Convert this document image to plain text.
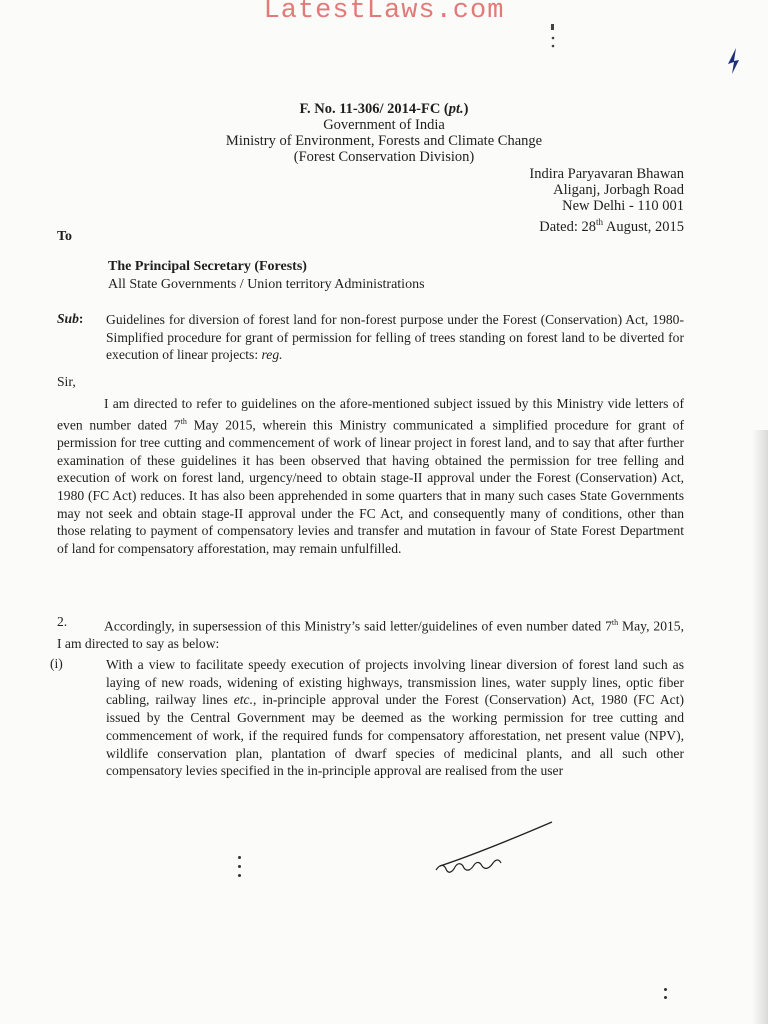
LatestLaws.com
F. No. 11-306/ 2014-FC (pt.)
Government of India
Ministry of Environment, Forests and Climate Change
(Forest Conservation Division)
Indira Paryavaran Bhawan
Aliganj, Jorbagh Road
New Delhi - 110 001
Dated: 28th August, 2015
To
The Principal Secretary (Forests)
All State Governments / Union territory Administrations
Sub: Guidelines for diversion of forest land for non-forest purpose under the Forest (Conservation) Act, 1980- Simplified procedure for grant of permission for felling of trees standing on forest land to be diverted for execution of linear projects: reg.
Sir,
I am directed to refer to guidelines on the afore-mentioned subject issued by this Ministry vide letters of even number dated 7th May 2015, wherein this Ministry communicated a simplified procedure for grant of permission for tree cutting and commencement of work of linear project in forest land, and to say that after further examination of these guidelines it has been observed that having obtained the permission for tree felling and execution of work on forest land, urgency/need to obtain stage-II approval under the Forest (Conservation) Act, 1980 (FC Act) reduces. It has also been apprehended in some quarters that in many such cases State Governments may not seek and obtain stage-II approval under the FC Act, and consequently many of conditions, other than those relating to payment of compensatory levies and transfer and mutation in favour of State Forest Department of land for compensatory afforestation, may remain unfulfilled.
2.	Accordingly, in supersession of this Ministry’s said letter/guidelines of even number dated 7th May, 2015, I am directed to say as below:
(i)	With a view to facilitate speedy execution of projects involving linear diversion of forest land such as laying of new roads, widening of existing highways, transmission lines, water supply lines, optic fiber cabling, railway lines etc., in-principle approval under the Forest (Conservation) Act, 1980 (FC Act) issued by the Central Government may be deemed as the working permission for tree cutting and commencement of work, if the required funds for compensatory afforestation, net present value (NPV), wildlife conservation plan, plantation of dwarf species of medicinal plants, and all such other compensatory levies specified in the in-principle approval are realised from the user
